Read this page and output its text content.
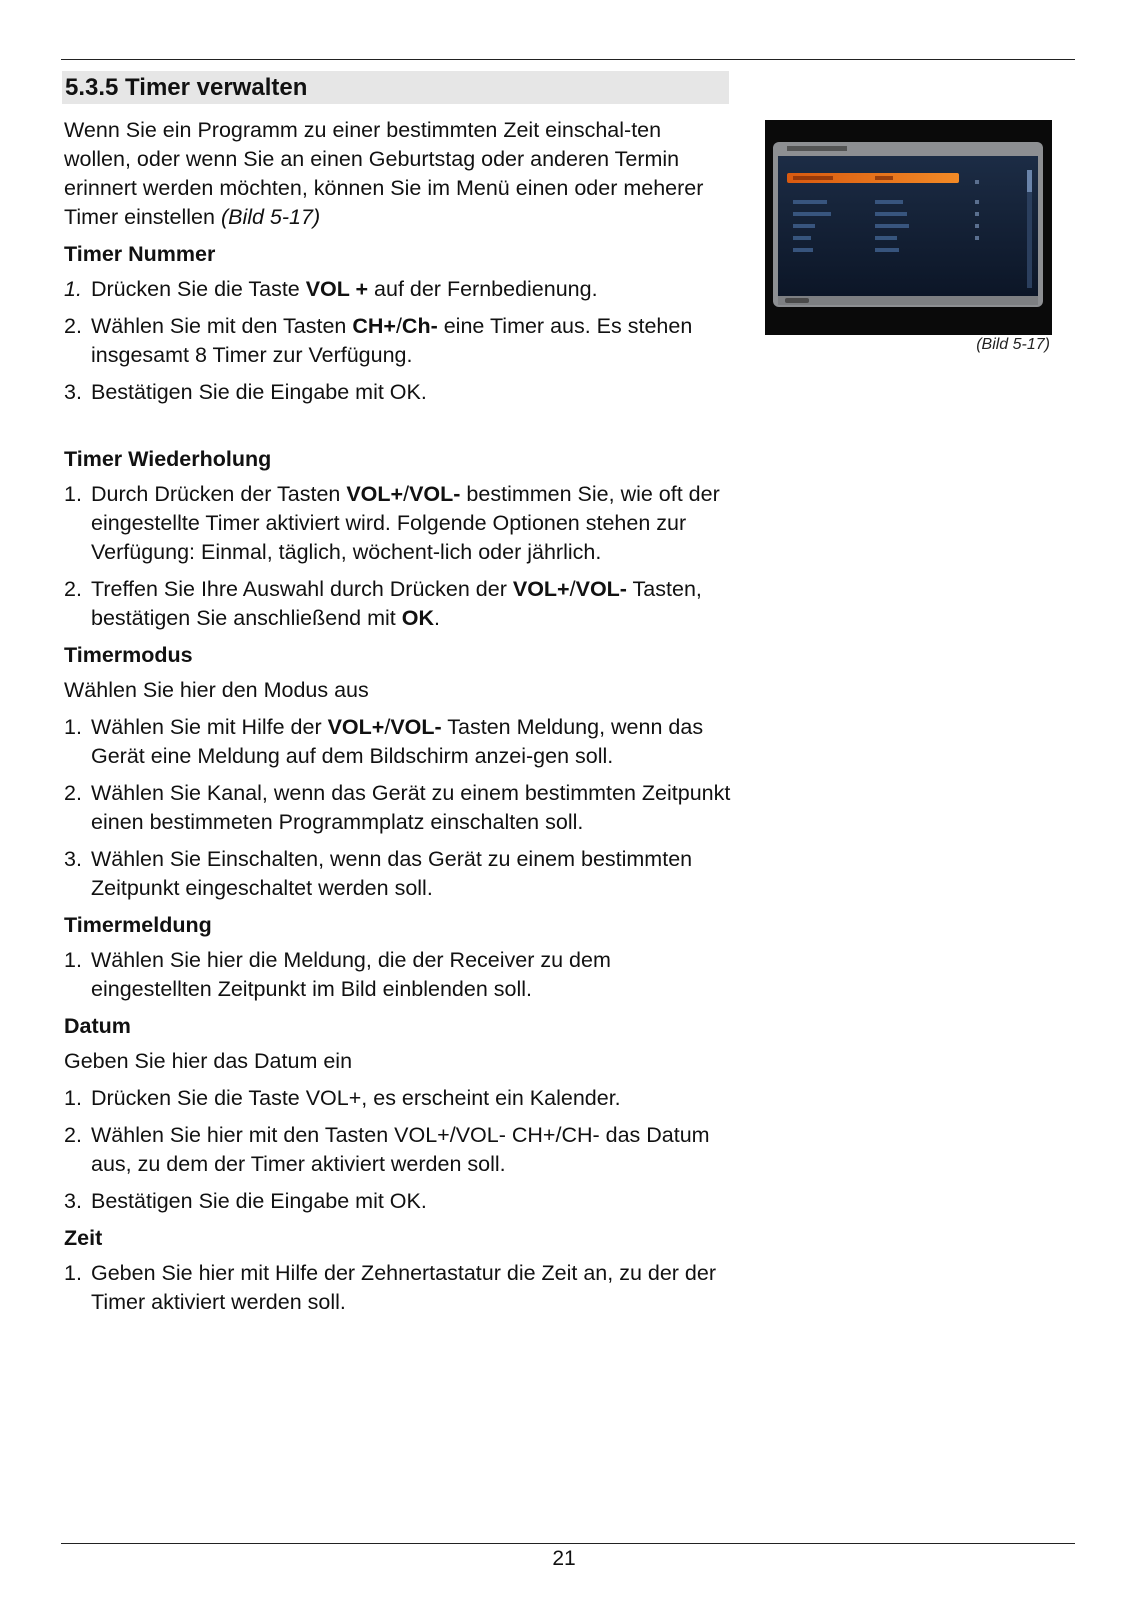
5.3.5 Timer verwalten

Wenn Sie ein Programm zu einer bestimmten Zeit einschal-ten wollen, oder wenn Sie an einen Geburtstag oder anderen Termin erinnert werden möchten, können Sie im Menü einen oder meherer Timer einstellen (Bild 5-17)

Timer Nummer
1. Drücken Sie die Taste VOL + auf der Fernbedienung.
2. Wählen Sie mit den Tasten CH+/Ch- eine Timer aus. Es stehen insgesamt 8 Timer zur Verfügung.
3. Bestätigen Sie die Eingabe mit OK.
Timer Wiederholung
1. Durch Drücken der Tasten VOL+/VOL- bestimmen Sie, wie oft der eingestellte Timer aktiviert wird. Folgende Optionen stehen zur Verfügung: Einmal, täglich, wöchent-lich oder jährlich.
2. Treffen Sie Ihre Auswahl durch Drücken der VOL+/VOL- Tasten, bestätigen Sie anschließend mit OK.
Timermodus

Wählen Sie hier den Modus aus

1. Wählen Sie mit Hilfe der VOL+/VOL- Tasten Meldung, wenn das Gerät eine Meldung auf dem Bildschirm anzei-gen soll.
2. Wählen Sie Kanal, wenn das Gerät zu einem bestimmten Zeitpunkt einen bestimmeten Programmplatz einschalten soll.
3. Wählen Sie Einschalten, wenn das Gerät zu einem bestimmten Zeitpunkt eingeschaltet werden soll.
Timermeldung
1. Wählen Sie hier die Meldung, die der Receiver zu dem eingestellten Zeitpunkt im Bild einblenden soll.
Datum

Geben Sie hier das Datum ein

1. Drücken Sie die Taste VOL+, es erscheint ein Kalender.
2. Wählen Sie hier mit den Tasten VOL+/VOL- CH+/CH- das Datum aus, zu dem der Timer aktiviert werden soll.
3. Bestätigen Sie die Eingabe mit OK.
Zeit
1. Geben Sie hier mit Hilfe der Zehnertastatur die Zeit an, zu der der Timer aktiviert werden soll.
(Bild 5-17)
21
